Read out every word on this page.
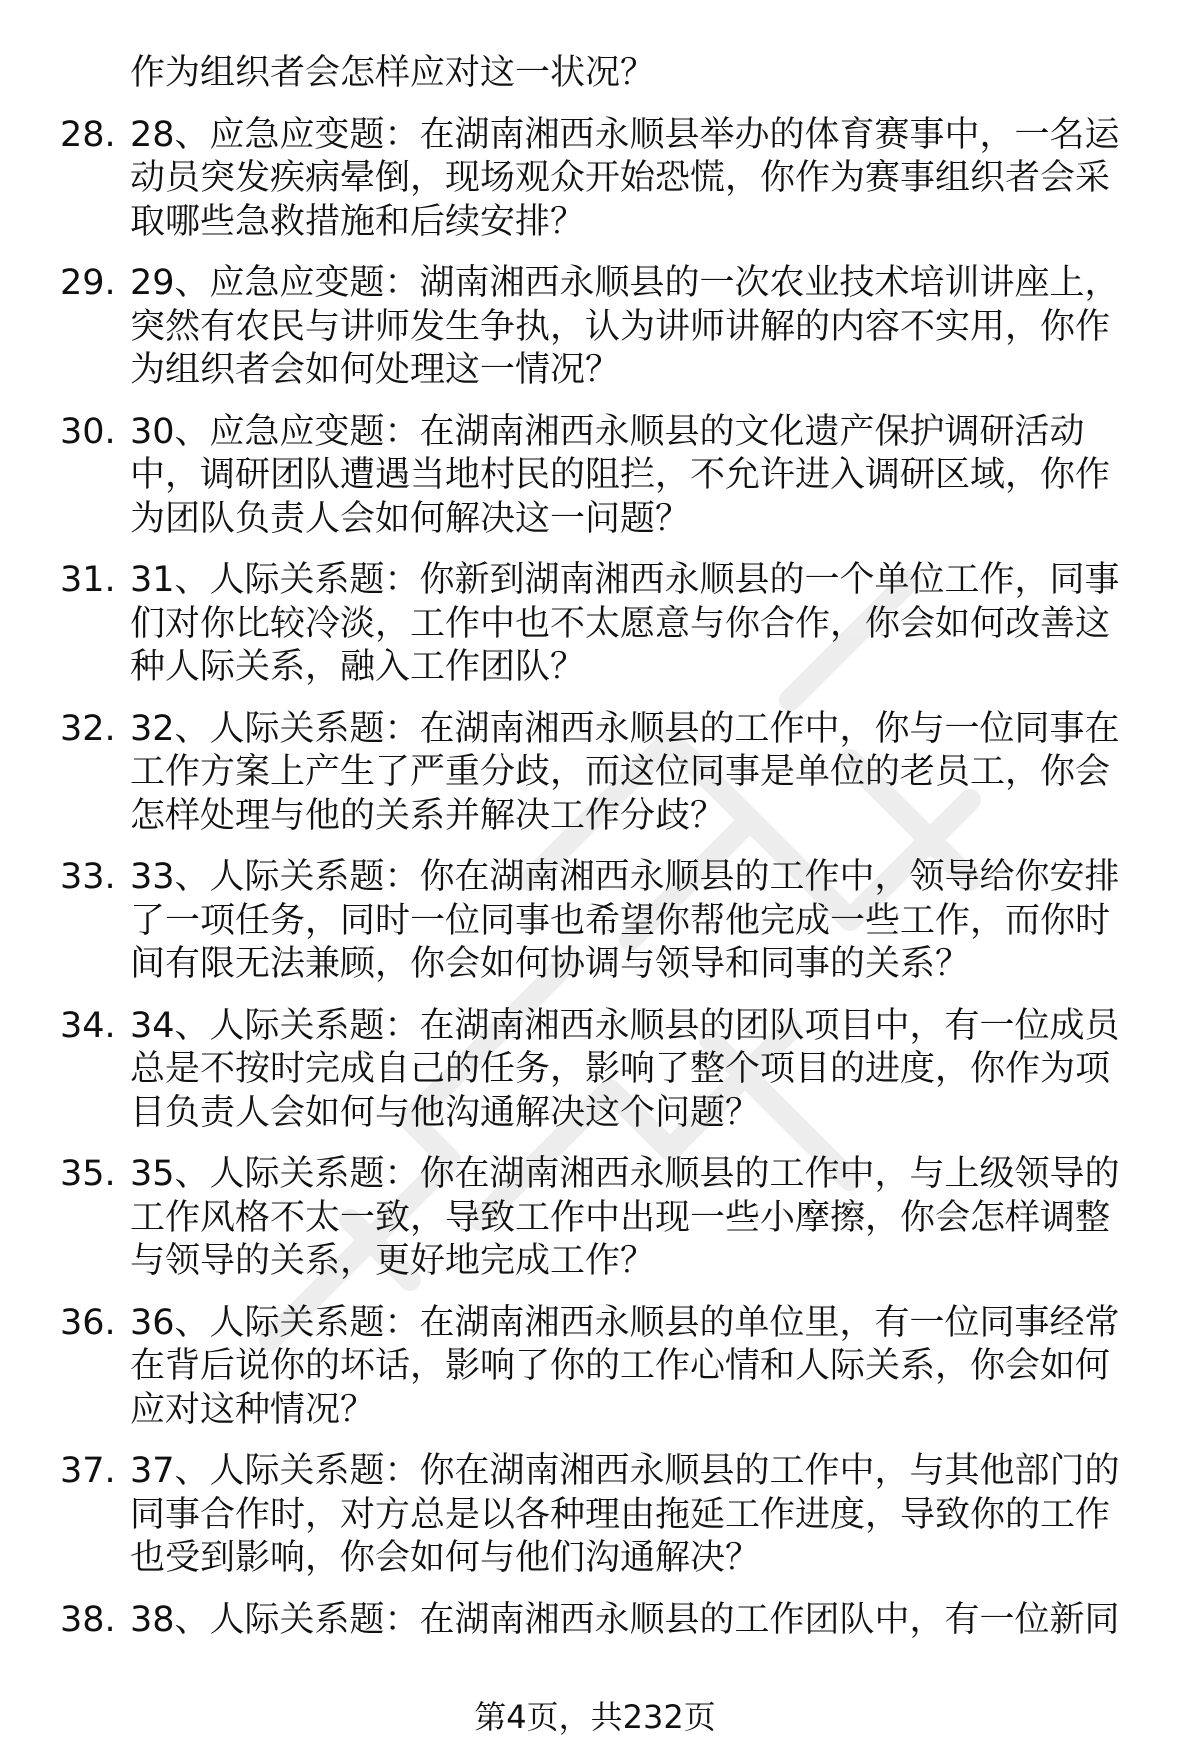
作为组织者会怎样应对这一状况？
28. 28、应急应变题：在湖南湘西永顺县举办的体育赛事中，一名运
动员突发疾病晕倒，现场观众开始恐慌，你作为赛事组织者会采
取哪些急救措施和后续安排？
29. 29、应急应变题：湖南湘西永顺县的一次农业技术培训讲座上，
突然有农民与讲师发生争执，认为讲师讲解的内容不实用，你作
为组织者会如何处理这一情况？
30. 30、应急应变题：在湖南湘西永顺县的文化遗产保护调研活动
中，调研团队遭遇当地村民的阻拦，不允许进入调研区域，你作
为团队负责人会如何解决这一问题？
31. 31、人际关系题：你新到湖南湘西永顺县的一个单位工作，同事
们对你比较冷淡，工作中也不太愿意与你合作，你会如何改善这
种人际关系，融入工作团队？
32. 32、人际关系题：在湖南湘西永顺县的工作中，你与一位同事在
工作方案上产生了严重分歧，而这位同事是单位的老员工，你会
怎样处理与他的关系并解决工作分歧？
33. 33、人际关系题：你在湖南湘西永顺县的工作中，领导给你安排
了一项任务，同时一位同事也希望你帮他完成一些工作，而你时
间有限无法兼顾，你会如何协调与领导和同事的关系？
34. 34、人际关系题：在湖南湘西永顺县的团队项目中，有一位成员
总是不按时完成自己的任务，影响了整个项目的进度，你作为项
目负责人会如何与他沟通解决这个问题？
35. 35、人际关系题：你在湖南湘西永顺县的工作中，与上级领导的
工作风格不太一致，导致工作中出现一些小摩擦，你会怎样调整
与领导的关系，更好地完成工作？
36. 36、人际关系题：在湖南湘西永顺县的单位里，有一位同事经常
在背后说你的坏话，影响了你的工作心情和人际关系，你会如何
应对这种情况？
37. 37、人际关系题：你在湖南湘西永顺县的工作中，与其他部门的
同事合作时，对方总是以各种理由拖延工作进度，导致你的工作
也受到影响，你会如何与他们沟通解决？
38. 38、人际关系题：在湖南湘西永顺县的工作团队中，有一位新同
第4页，共232页
